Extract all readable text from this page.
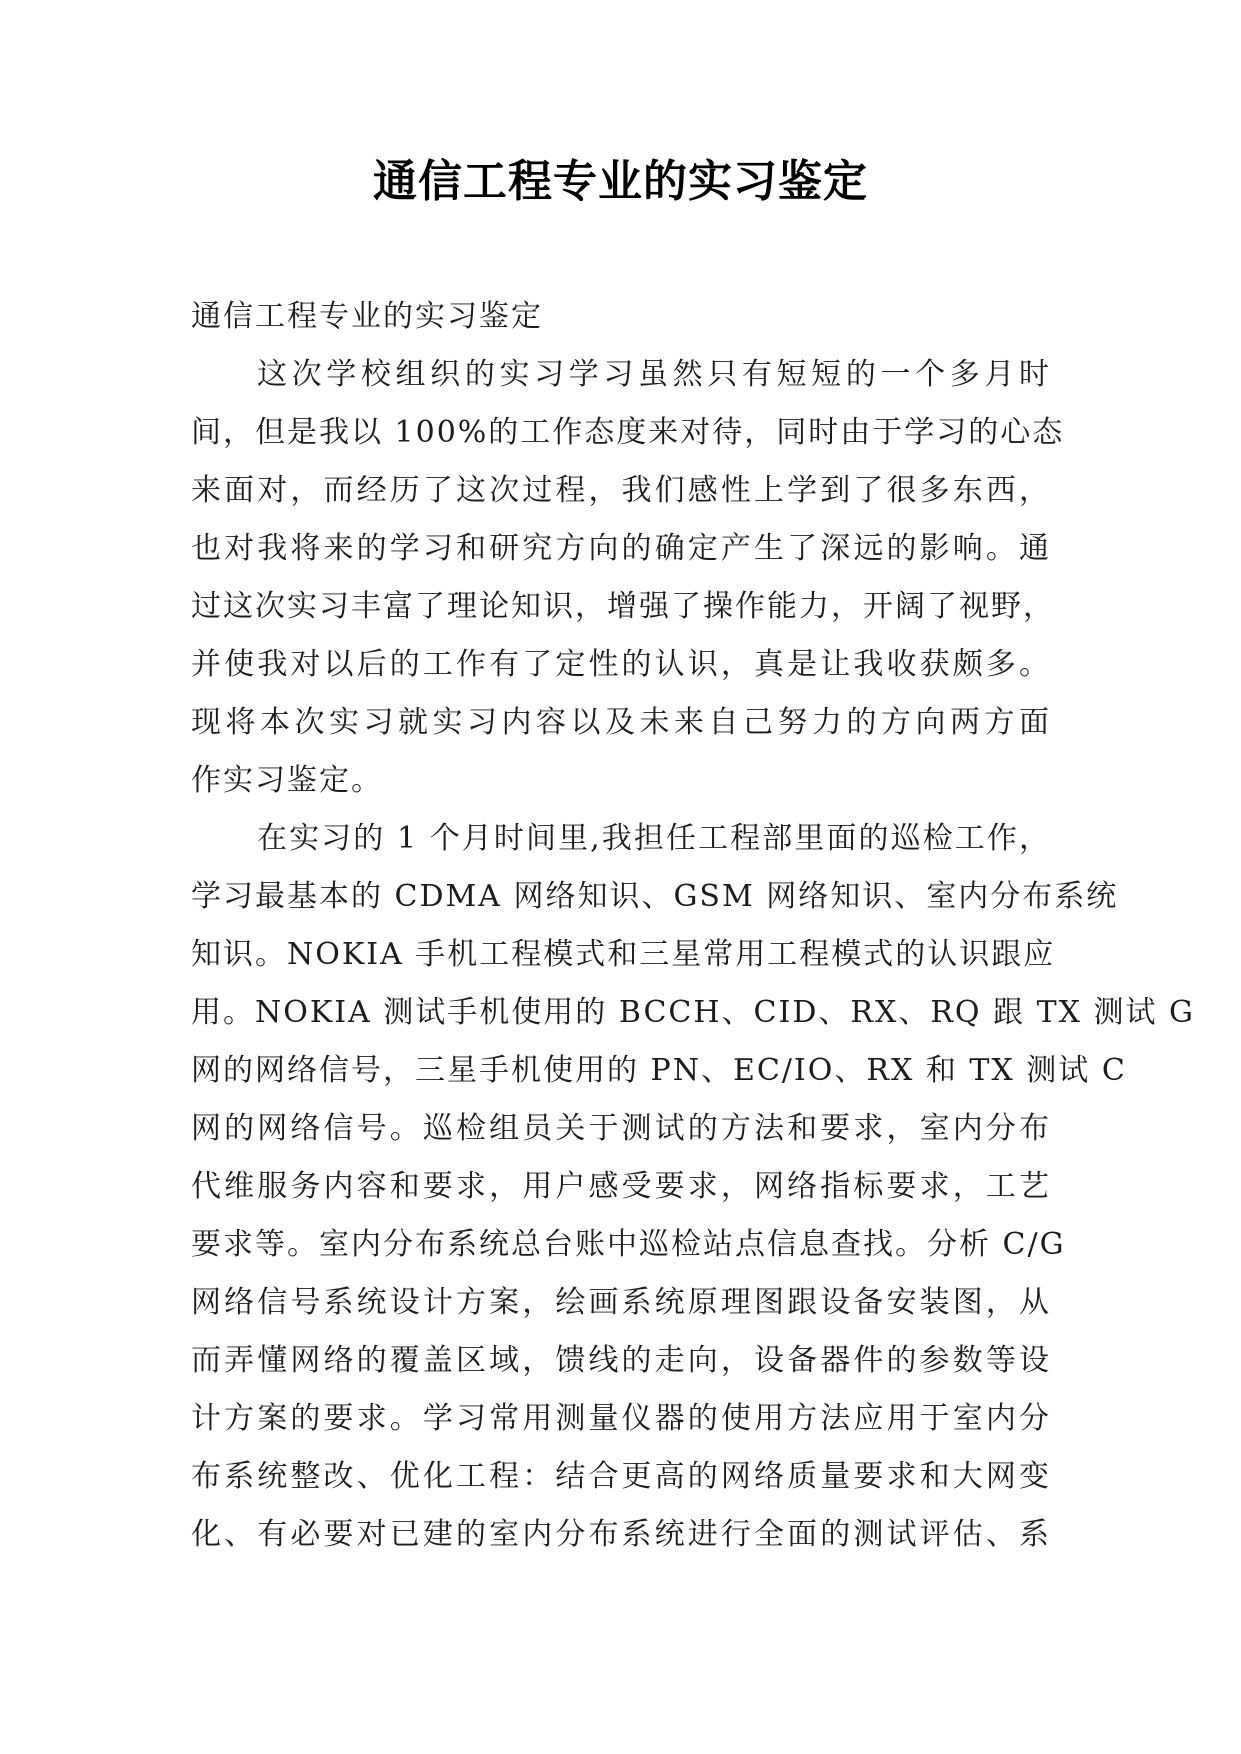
通信工程专业的实习鉴定
通信工程专业的实习鉴定
这次学校组织的实习学习虽然只有短短的一个多月时
间，但是我以 100%的工作态度来对待，同时由于学习的心态
来面对，而经历了这次过程，我们感性上学到了很多东西，
也对我将来的学习和研究方向的确定产生了深远的影响。通
过这次实习丰富了理论知识，增强了操作能力，开阔了视野，
并使我对以后的工作有了定性的认识，真是让我收获颇多。
现将本次实习就实习内容以及未来自己努力的方向两方面
作实习鉴定。
在实习的 1 个月时间里,我担任工程部里面的巡检工作，
学习最基本的 CDMA 网络知识、GSM 网络知识、室内分布系统
知识。NOKIA 手机工程模式和三星常用工程模式的认识跟应
用。NOKIA 测试手机使用的 BCCH、CID、RX、RQ 跟 TX 测试 G
网的网络信号，三星手机使用的 PN、EC/IO、RX 和 TX 测试 C
网的网络信号。巡检组员关于测试的方法和要求，室内分布
代维服务内容和要求，用户感受要求，网络指标要求，工艺
要求等。室内分布系统总台账中巡检站点信息查找。分析 C/G
网络信号系统设计方案，绘画系统原理图跟设备安装图，从
而弄懂网络的覆盖区域，馈线的走向，设备器件的参数等设
计方案的要求。学习常用测量仪器的使用方法应用于室内分
布系统整改、优化工程：结合更高的网络质量要求和大网变
化、有必要对已建的室内分布系统进行全面的测试评估、系
